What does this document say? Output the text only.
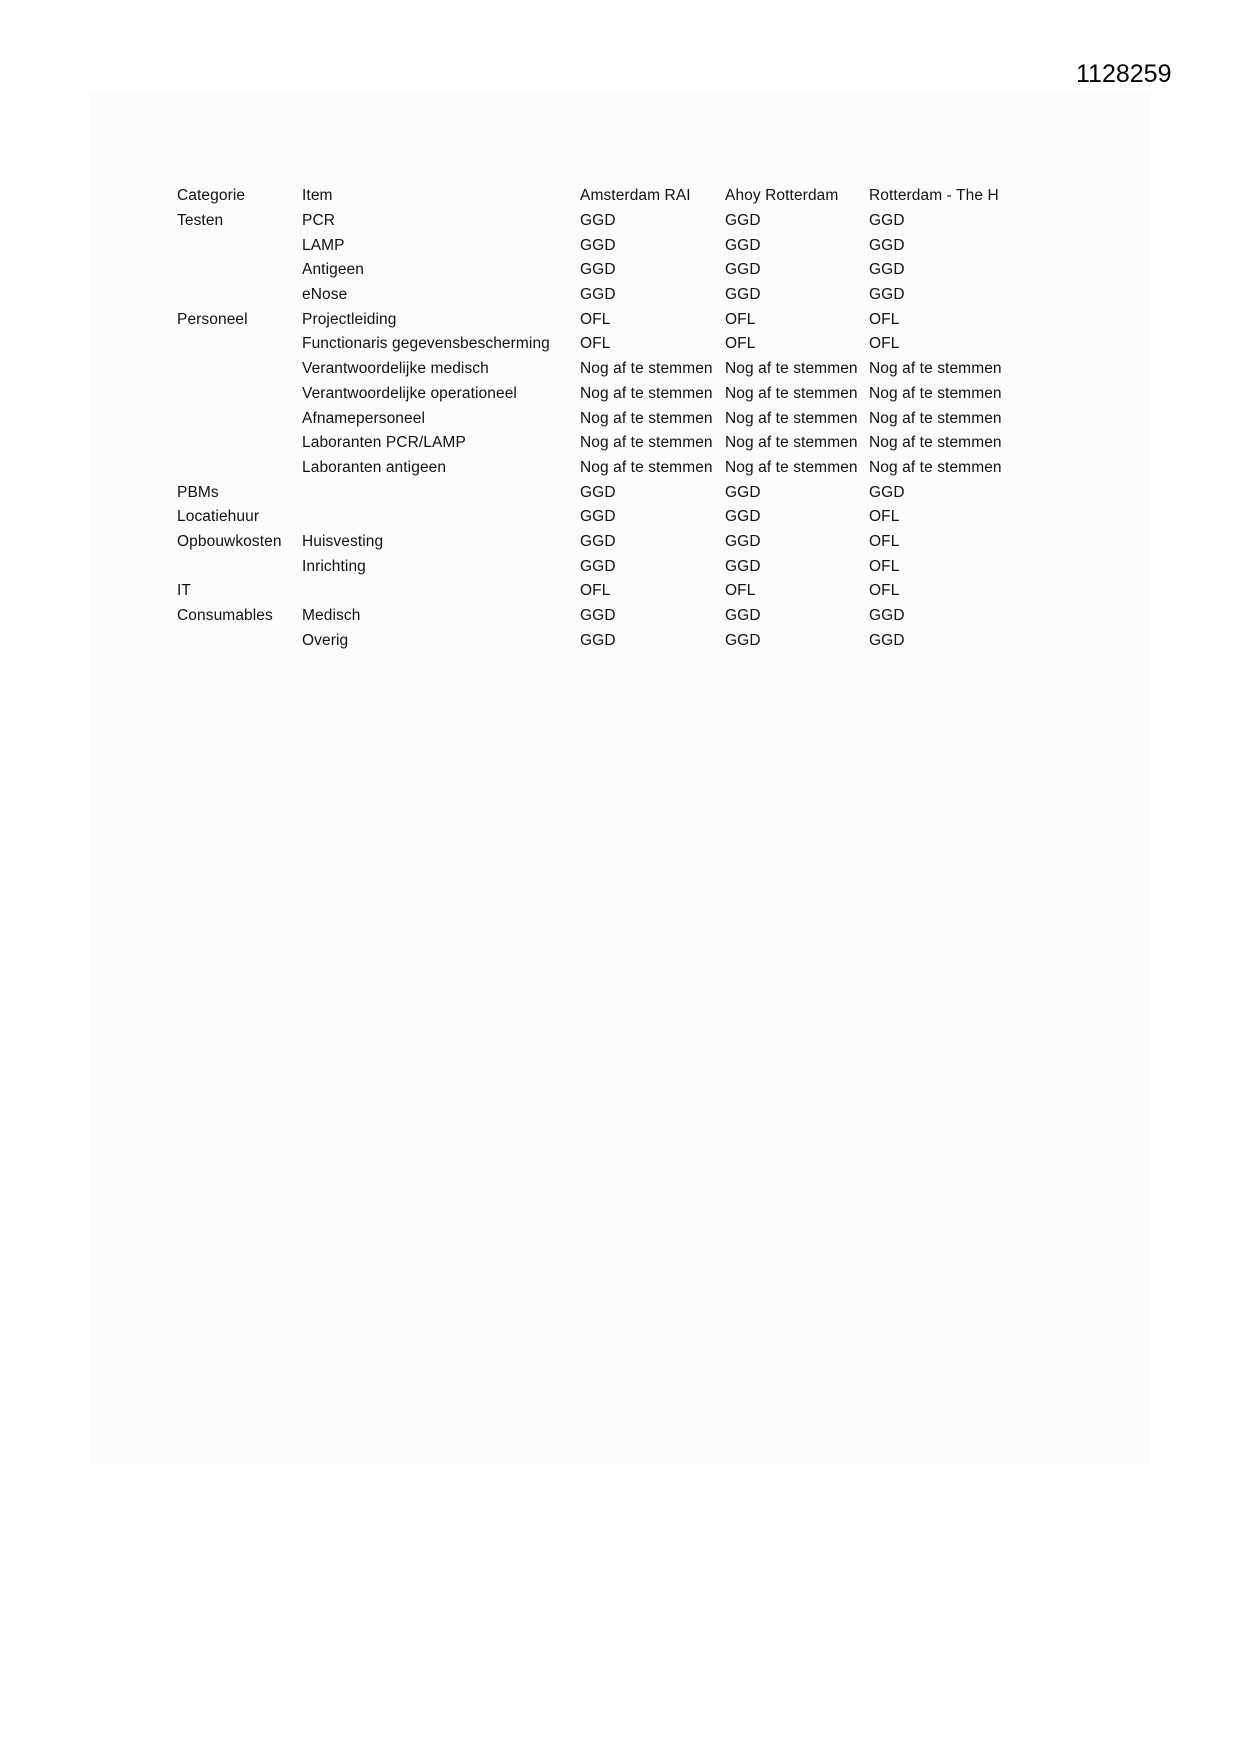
1128259
Categorie	Item	Amsterdam RAI	Ahoy Rotterdam	Rotterdam - The H
Testen	PCR	GGD	GGD	GGD
	LAMP	GGD	GGD	GGD
	Antigeen	GGD	GGD	GGD
	eNose	GGD	GGD	GGD
Personeel	Projectleiding	OFL	OFL	OFL
	Functionaris gegevensbescherming	OFL	OFL	OFL
	Verantwoordelijke medisch	Nog af te stemmen	Nog af te stemmen	Nog af te stemmen
	Verantwoordelijke operationeel	Nog af te stemmen	Nog af te stemmen	Nog af te stemmen
	Afnamepersoneel	Nog af te stemmen	Nog af te stemmen	Nog af te stemmen
	Laboranten PCR/LAMP	Nog af te stemmen	Nog af te stemmen	Nog af te stemmen
	Laboranten antigeen	Nog af te stemmen	Nog af te stemmen	Nog af te stemmen
PBMs		GGD	GGD	GGD
Locatiehuur		GGD	GGD	OFL
Opbouwkosten	Huisvesting	GGD	GGD	OFL
	Inrichting	GGD	GGD	OFL
IT		OFL	OFL	OFL
Consumables	Medisch	GGD	GGD	GGD
	Overig	GGD	GGD	GGD
